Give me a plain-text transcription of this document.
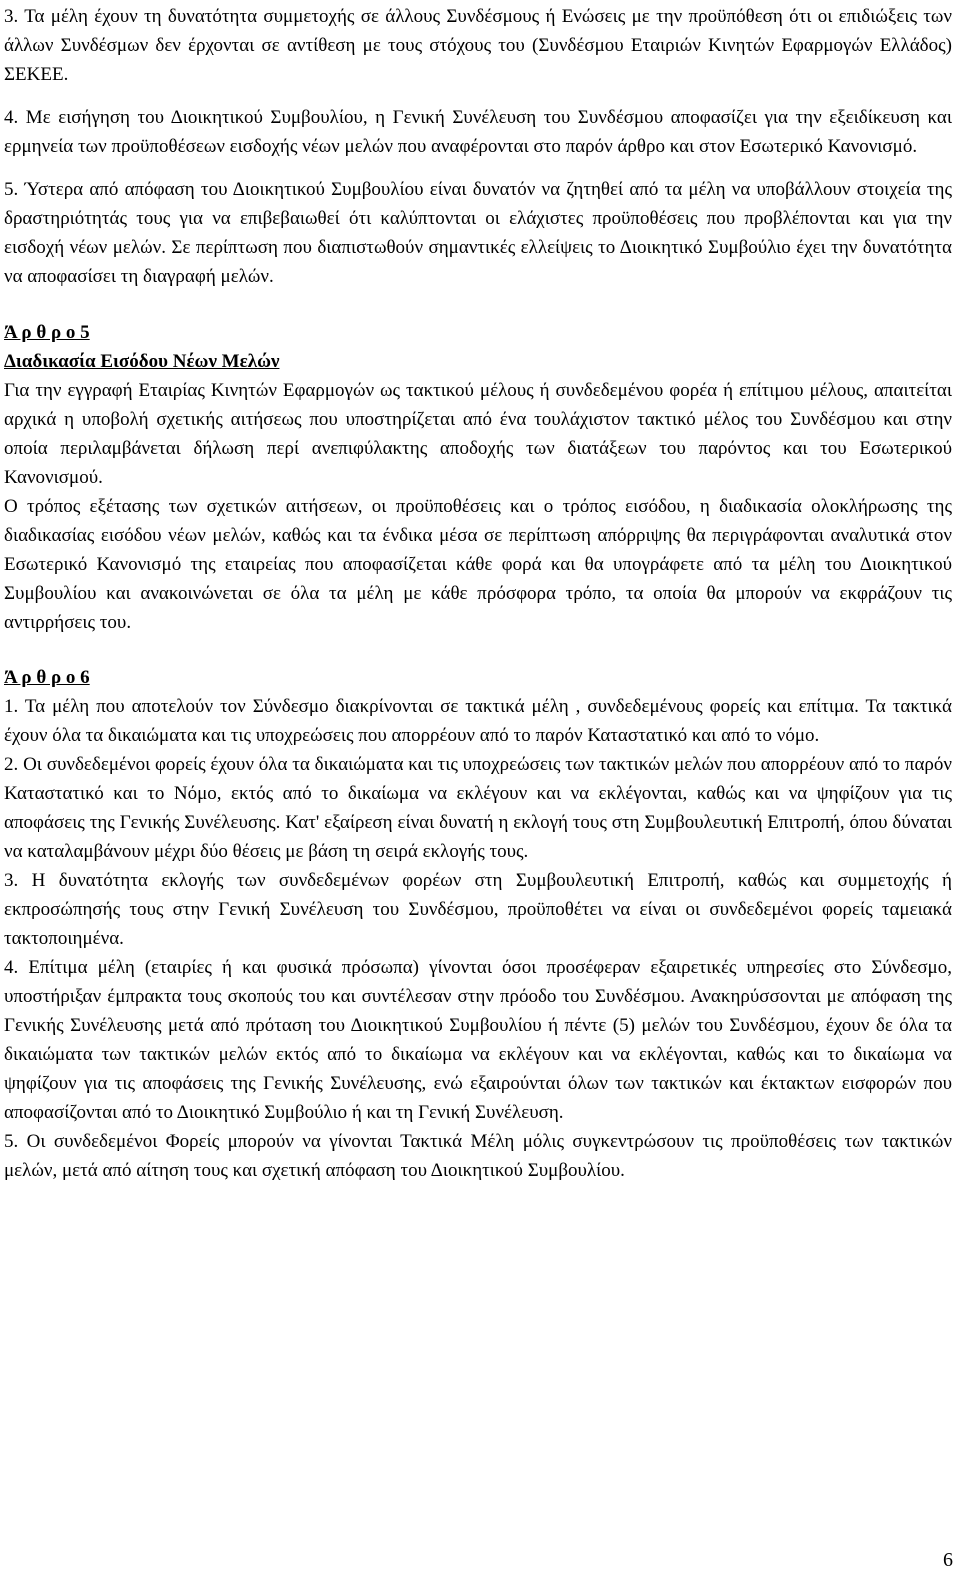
3. Τα μέλη έχουν τη δυνατότητα συμμετοχής σε άλλους Συνδέσμους ή Ενώσεις με την προϋπόθεση ότι οι επιδιώξεις των άλλων Συνδέσμων δεν έρχονται σε αντίθεση με τους στόχους του (Συνδέσμου Εταιριών Κινητών Εφαρμογών Ελλάδος) ΣΕΚΕΕ.

4. Με εισήγηση του Διοικητικού Συμβουλίου, η Γενική Συνέλευση του Συνδέσμου αποφασίζει για την εξειδίκευση και ερμηνεία των προϋποθέσεων εισδοχής νέων μελών που αναφέρονται στο παρόν άρθρο και στον Εσωτερικό Κανονισμό.

5. Ύστερα από απόφαση του Διοικητικού Συμβουλίου είναι δυνατόν να ζητηθεί από τα μέλη να υποβάλλουν στοιχεία της δραστηριότητάς τους για να επιβεβαιωθεί ότι καλύπτονται οι ελάχιστες προϋποθέσεις που προβλέπονται και για την εισδοχή νέων μελών. Σε περίπτωση που διαπιστωθούν σημαντικές ελλείψεις το Διοικητικό Συμβούλιο έχει την δυνατότητα να αποφασίσει τη διαγραφή μελών.

Ά ρ θ ρ ο 5

Διαδικασία Εισόδου Νέων Μελών

Για την εγγραφή Εταιρίας Κινητών Εφαρμογών ως τακτικού μέλους ή συνδεδεμένου φορέα ή επίτιμου μέλους, απαιτείται αρχικά η υποβολή σχετικής αιτήσεως που υποστηρίζεται από ένα τουλάχιστον τακτικό μέλος του Συνδέσμου και στην οποία περιλαμβάνεται δήλωση περί ανεπιφύλακτης αποδοχής των διατάξεων του παρόντος και του Εσωτερικού Κανονισμού.

Ο τρόπος εξέτασης των σχετικών αιτήσεων, οι προϋποθέσεις και ο τρόπος εισόδου, η διαδικασία ολοκλήρωσης της διαδικασίας εισόδου νέων μελών, καθώς και τα ένδικα μέσα σε περίπτωση απόρριψης θα περιγράφονται αναλυτικά στον Εσωτερικό Κανονισμό της εταιρείας που αποφασίζεται κάθε φορά και θα υπογράφετε από τα μέλη του Διοικητικού Συμβουλίου και ανακοινώνεται σε όλα τα μέλη με κάθε πρόσφορα τρόπο, τα οποία θα μπορούν να εκφράζουν τις αντιρρήσεις του.

Ά ρ θ ρ ο 6

1. Τα μέλη που αποτελούν τον Σύνδεσμο διακρίνονται σε τακτικά μέλη , συνδεδεμένους φορείς και επίτιμα. Τα τακτικά έχουν όλα τα δικαιώματα και τις υποχρεώσεις που απορρέουν από το παρόν Καταστατικό και από το νόμο.

2. Οι συνδεδεμένοι φορείς έχουν όλα τα δικαιώματα και τις υποχρεώσεις των τακτικών μελών που απορρέουν από το παρόν Καταστατικό και το Νόμο, εκτός από το δικαίωμα να εκλέγουν και να εκλέγονται, καθώς και να ψηφίζουν για τις αποφάσεις της Γενικής Συνέλευσης. Κατ' εξαίρεση είναι δυνατή η εκλογή τους στη Συμβουλευτική Επιτροπή, όπου δύναται να καταλαμβάνουν μέχρι δύο θέσεις με βάση τη σειρά εκλογής τους.

3. Η δυνατότητα εκλογής των συνδεδεμένων φορέων στη Συμβουλευτική Επιτροπή, καθώς και συμμετοχής ή εκπροσώπησής τους στην Γενική Συνέλευση του Συνδέσμου, προϋποθέτει να είναι οι συνδεδεμένοι φορείς ταμειακά τακτοποιημένα.

4. Επίτιμα μέλη (εταιρίες ή και φυσικά πρόσωπα) γίνονται όσοι προσέφεραν εξαιρετικές υπηρεσίες στο Σύνδεσμο, υποστήριξαν έμπρακτα τους σκοπούς του και συντέλεσαν στην πρόοδο του Συνδέσμου. Ανακηρύσσονται με απόφαση της Γενικής Συνέλευσης μετά από πρόταση του Διοικητικού Συμβουλίου ή πέντε (5) μελών του Συνδέσμου, έχουν δε όλα τα δικαιώματα των τακτικών μελών εκτός από το δικαίωμα να εκλέγουν και να εκλέγονται, καθώς και το δικαίωμα να ψηφίζουν για τις αποφάσεις της Γενικής Συνέλευσης, ενώ εξαιρούνται όλων των τακτικών και έκτακτων εισφορών που αποφασίζονται από το Διοικητικό Συμβούλιο ή και τη Γενική Συνέλευση.

5. Οι συνδεδεμένοι Φορείς μπορούν να γίνονται Τακτικά Μέλη μόλις συγκεντρώσουν τις προϋποθέσεις των τακτικών μελών, μετά από αίτηση τους και σχετική απόφαση του Διοικητικού Συμβουλίου.

6
